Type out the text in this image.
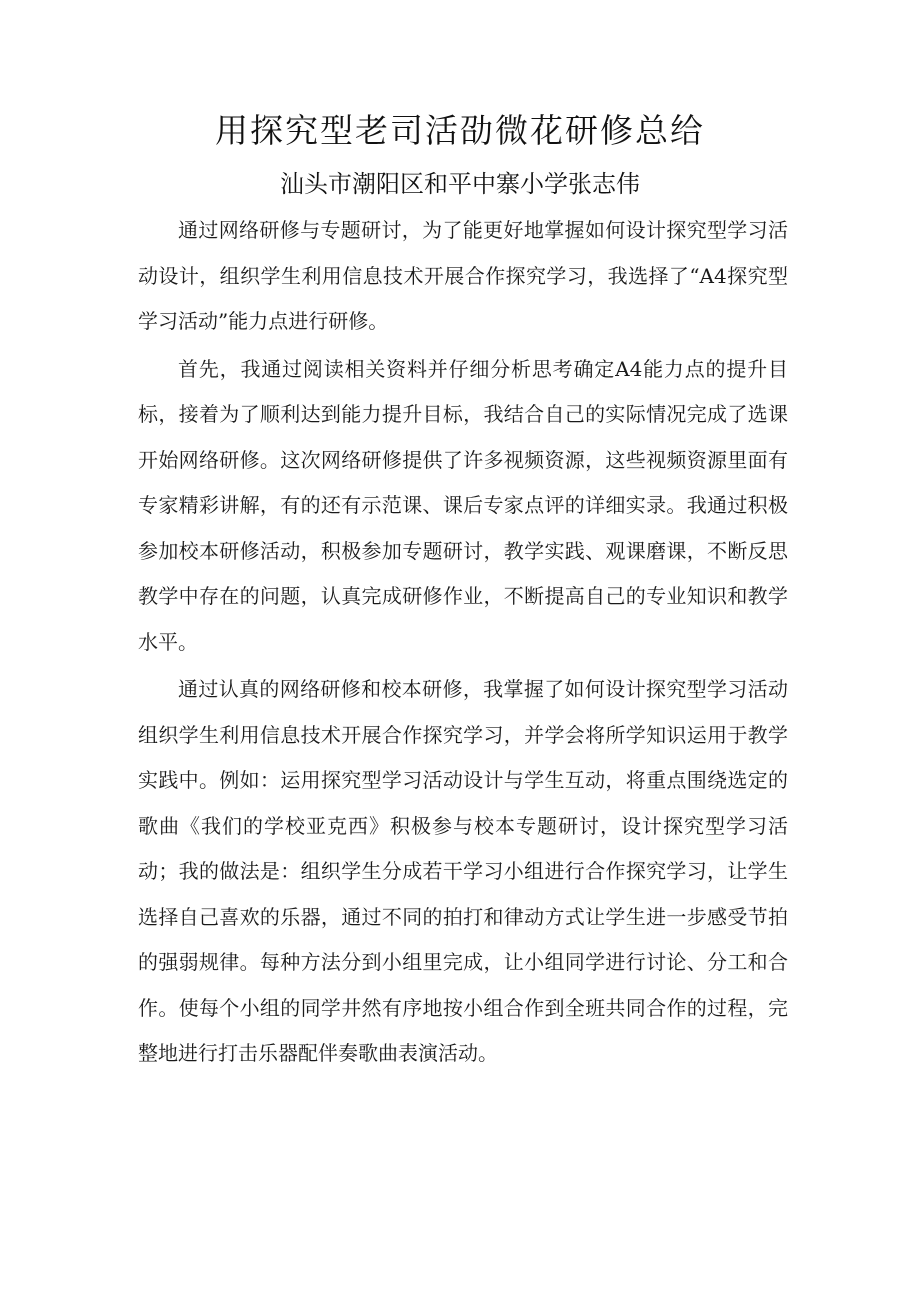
用探究型老司活劭微花研修总给
汕头市潮阳区和平中寨小学张志伟

通过网络研修与专题研讨，为了能更好地掌握如何设计探究型学习活动设计，组织学生利用信息技术开展合作探究学习，我选择了“A4探究型学习活动”能力点进行研修。

首先，我通过阅读相关资料并仔细分析思考确定A4能力点的提升目标，接着为了顺利达到能力提升目标，我结合自己的实际情况完成了选课开始网络研修。这次网络研修提供了许多视频资源，这些视频资源里面有专家精彩讲解，有的还有示范课、课后专家点评的详细实录。我通过积极参加校本研修活动，积极参加专题研讨，教学实践、观课磨课，不断反思教学中存在的问题，认真完成研修作业，不断提高自己的专业知识和教学水平。

通过认真的网络研修和校本研修，我掌握了如何设计探究型学习活动组织学生利用信息技术开展合作探究学习，并学会将所学知识运用于教学实践中。例如：运用探究型学习活动设计与学生互动，将重点围绕选定的歌曲《我们的学校亚克西》积极参与校本专题研讨，设计探究型学习活动；我的做法是：组织学生分成若干学习小组进行合作探究学习，让学生选择自己喜欢的乐器，通过不同的拍打和律动方式让学生进一步感受节拍的强弱规律。每种方法分到小组里完成，让小组同学进行讨论、分工和合作。使每个小组的同学井然有序地按小组合作到全班共同合作的过程，完整地进行打击乐器配伴奏歌曲表演活动。
